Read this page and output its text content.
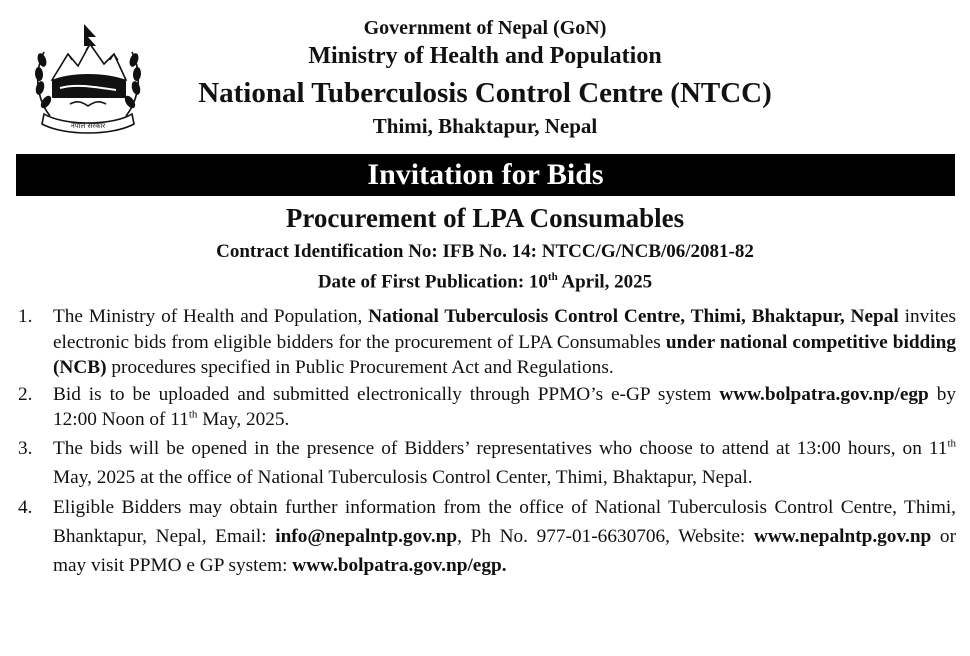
नेपाल सरकार
Government of Nepal (GoN)
Ministry of Health and Population
National Tuberculosis Control Centre (NTCC)
Thimi, Bhaktapur, Nepal
Invitation for Bids
Procurement of LPA Consumables
Contract Identification No: IFB No. 14: NTCC/G/NCB/06/2081-82
Date of First Publication: 10th April, 2025
1. The Ministry of Health and Population, National Tuberculosis Control Centre, Thimi, Bhaktapur, Nepal invites electronic bids from eligible bidders for the procurement of LPA Consumables under national competitive bidding (NCB) procedures specified in Public Procurement Act and Regulations.
2. Bid is to be uploaded and submitted electronically through PPMO’s e-GP system www.bolpatra.gov.np/egp by 12:00 Noon of 11th May, 2025.
3. The bids will be opened in the presence of Bidders’ representatives who choose to attend at 13:00 hours, on 11th May, 2025 at the office of National Tuberculosis Control Center, Thimi, Bhaktapur, Nepal.
4. Eligible Bidders may obtain further information from the office of National Tuberculosis Control Centre, Thimi, Bhanktapur, Nepal, Email: info@nepalntp.gov.np, Ph No. 977-01-6630706, Website: www.nepalntp.gov.np or may visit PPMO e GP system: www.bolpatra.gov.np/egp.
